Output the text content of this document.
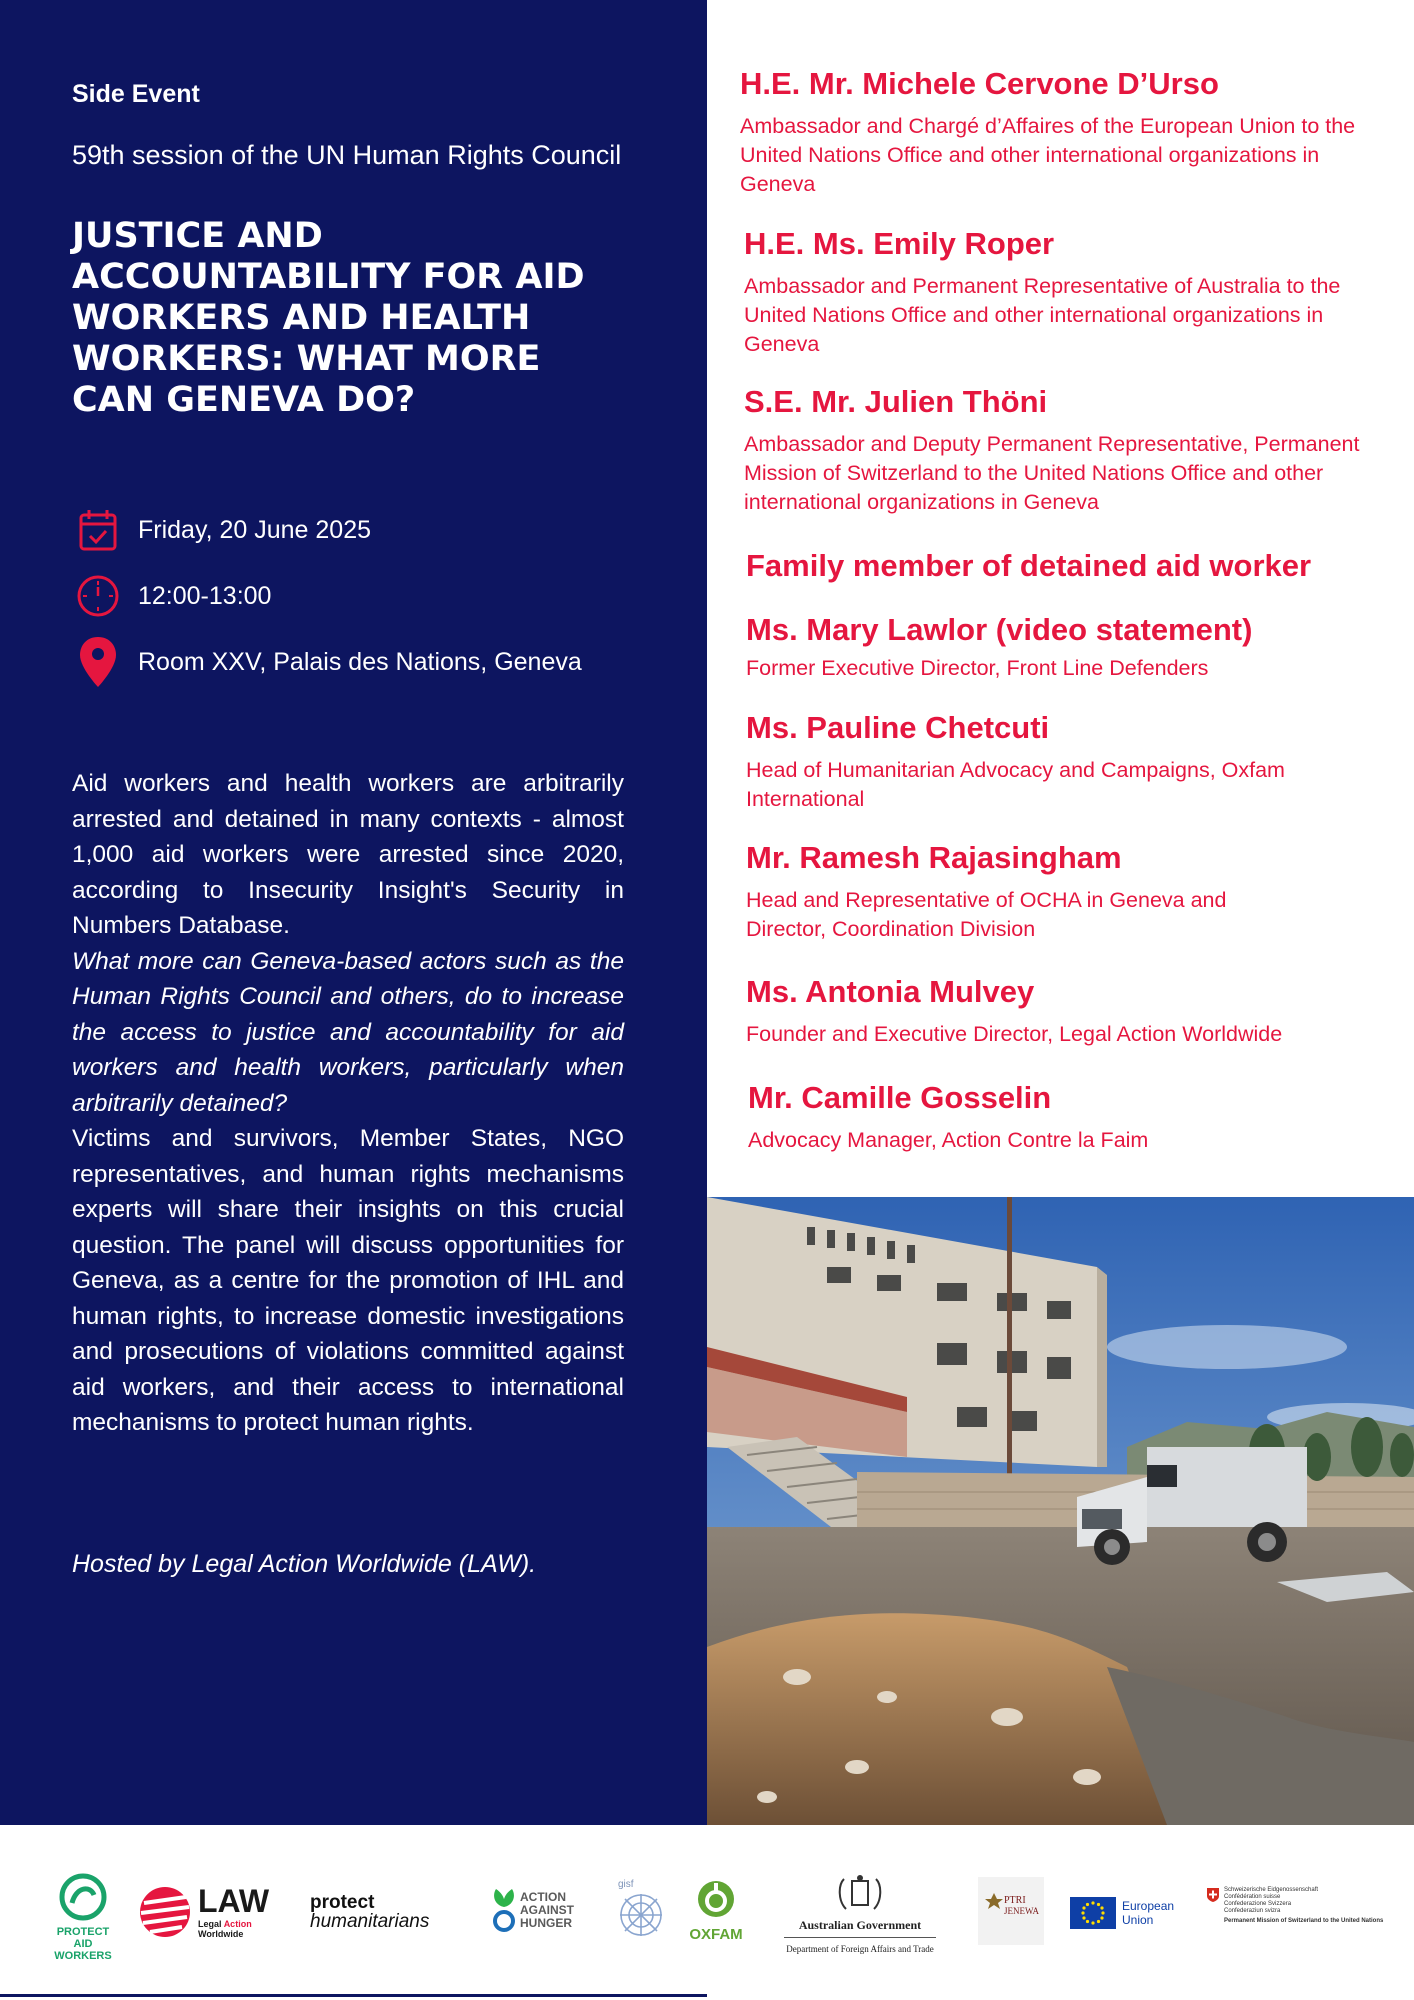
Side Event
59th session of the UN Human Rights Council
JUSTICE AND ACCOUNTABILITY FOR AID WORKERS AND HEALTH WORKERS: WHAT MORE CAN GENEVA DO?
Friday, 20 June 2025
12:00-13:00
Room XXV, Palais des Nations, Geneva

Aid workers and health workers are arbitrarily arrested and detained in many contexts - almost 1,000 aid workers were arrested since 2020, according to Insecurity Insight's Security in Numbers Database.

What more can Geneva-based actors such as the Human Rights Council and others, do to increase the access to justice and accountability for aid workers and health workers, particularly when arbitrarily detained?

Victims and survivors, Member States, NGO representatives, and human rights mechanisms experts will share their insights on this crucial question. The panel will discuss opportunities for Geneva, as a centre for the promotion of IHL and human rights, to increase domestic investigations and prosecutions of violations committed against aid workers, and their access to international mechanisms to protect human rights.

Hosted by Legal Action Worldwide (LAW).
H.E. Mr. Michele Cervone D’Urso
Ambassador and Chargé d’Affaires of the European Union to the United Nations Office and other international organizations in Geneva
H.E. Ms. Emily Roper
Ambassador and Permanent Representative of Australia to the United Nations Office and other international organizations in Geneva
S.E. Mr. Julien Thöni
Ambassador and Deputy Permanent Representative, Permanent Mission of Switzerland to the United Nations Office and other international organizations in Geneva
Family member of detained aid worker
Ms. Mary Lawlor (video statement)
Former Executive Director, Front Line Defenders
Ms. Pauline Chetcuti
Head of Humanitarian Advocacy and Campaigns, Oxfam International
Mr. Ramesh Rajasingham
Head and Representative of OCHA in Geneva and Director, Coordination Division
Ms. Antonia Mulvey
Founder and Executive Director, Legal Action Worldwide
Mr. Camille Gosselin
Advocacy Manager, Action Contre la Faim
PROTECT
AID WORKERS
LAW
Legal Action
Worldwide
protect
humanitarians
ACTION
AGAINST
HUNGER
gisf
OXFAM
Australian Government
Department of Foreign Affairs and Trade
PTRI
JENEWA	European
Union
Schweizerische Eidgenossenschaft
Confédération suisse
Confederazione Svizzera
Confederaziun svizra
Permanent Mission of Switzerland to the United Nations
